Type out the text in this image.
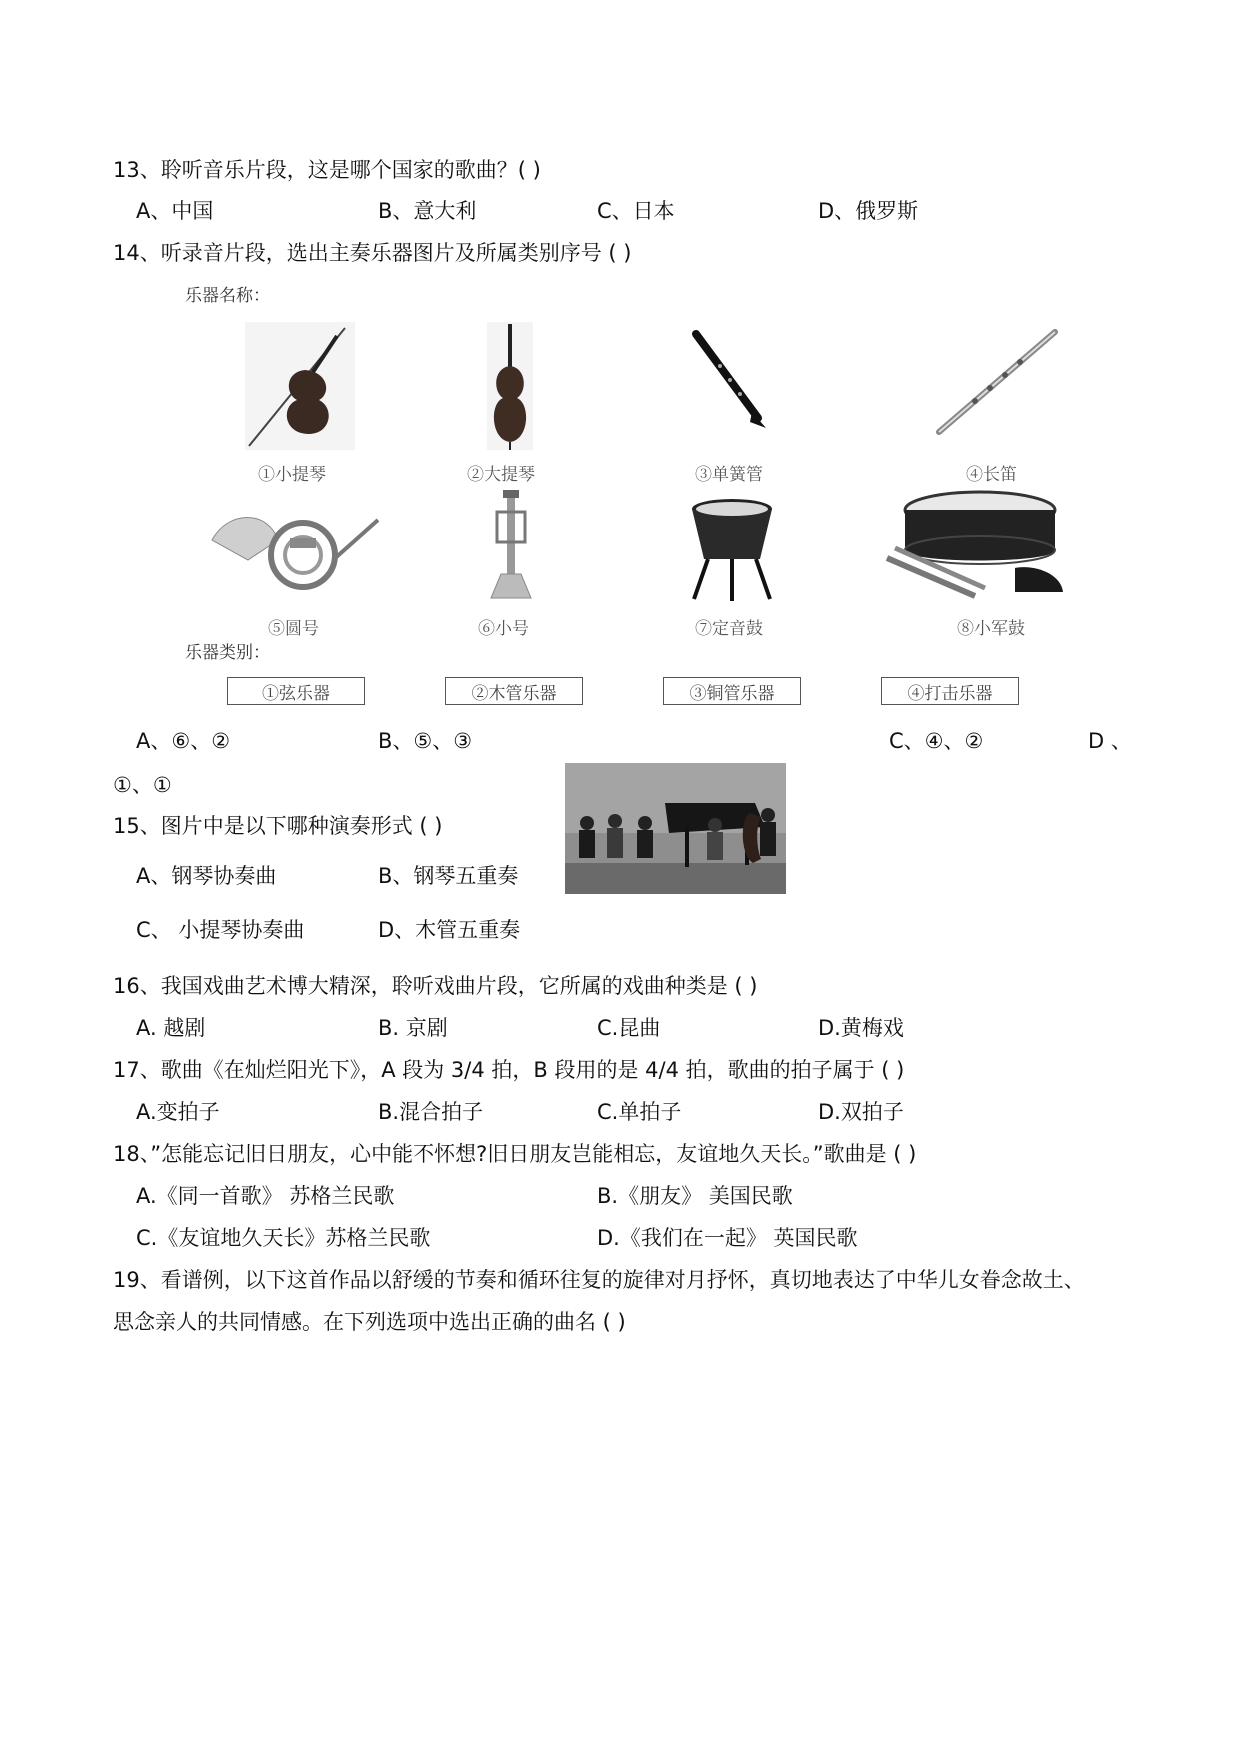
13、聆听音乐片段，这是哪个国家的歌曲？( )
A、中国	B、意大利	C、日本	D、俄罗斯
14、听录音片段，选出主奏乐器图片及所属类别序号 ( )
乐器名称：
①小提琴	②大提琴	③单簧管	④长笛
⑤圆号	⑥小号	⑦定音鼓	⑧小军鼓
乐器类别：
①弦乐器	②木管乐器	③铜管乐器	④打击乐器
A、⑥、②	B、⑤、③	C、④、②	D 、
①、①
15、图片中是以下哪种演奏形式 ( )
A、钢琴协奏曲	B、钢琴五重奏
C、 小提琴协奏曲	D、木管五重奏
16、我国戏曲艺术博大精深，聆听戏曲片段，它所属的戏曲种类是 ( )
A. 越剧	B. 京剧	C.昆曲	D.黄梅戏
17、歌曲《在灿烂阳光下》，A 段为 3/4 拍，B 段用的是 4/4 拍，歌曲的拍子属于 ( )
A.变拍子	B.混合拍子	C.单拍子	D.双拍子
18、”怎能忘记旧日朋友，心中能不怀想?旧日朋友岂能相忘，友谊地久天长。”歌曲是 ( )
A.《同一首歌》 苏格兰民歌	B.《朋友》 美国民歌
C.《友谊地久天长》苏格兰民歌	D.《我们在一起》 英国民歌
19、看谱例，以下这首作品以舒缓的节奏和循环往复的旋律对月抒怀，真切地表达了中华儿女眷念故土、
思念亲人的共同情感。在下列选项中选出正确的曲名 ( )
